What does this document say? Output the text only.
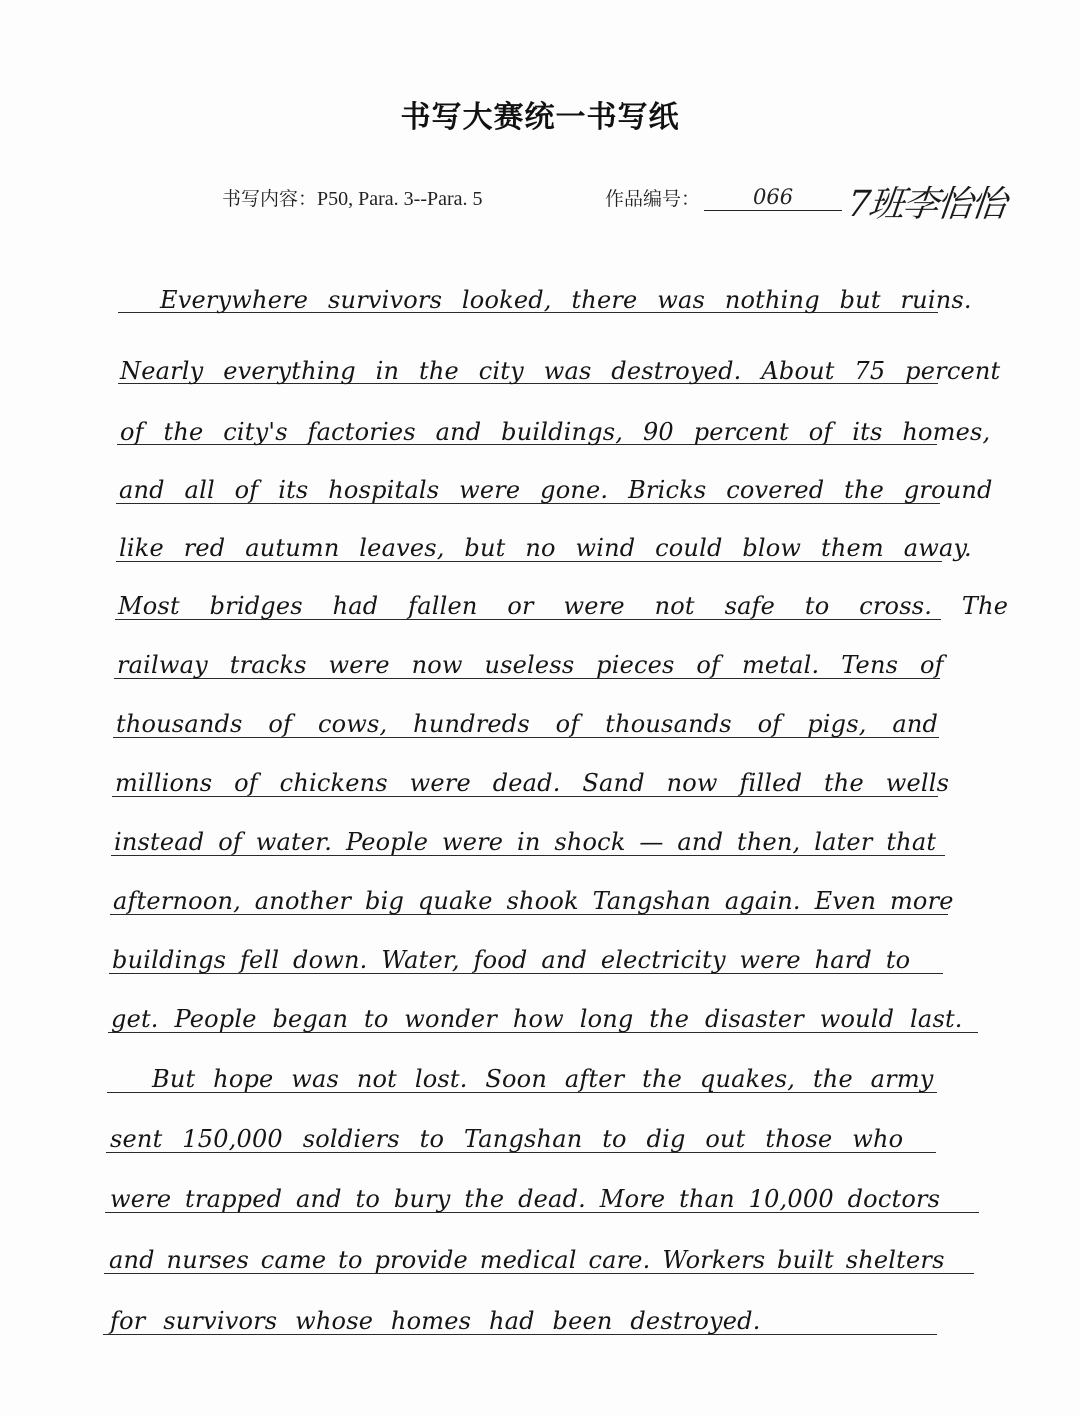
书写大赛统一书写纸
书写内容：P50, Para. 3--Para. 5	作品编号：	066	7班李怡怡
Everywhere survivors looked, there was nothing but ruins.
Nearly everything in the city was destroyed. About 75 percent
of the city's factories and buildings, 90 percent of its homes,
and all of its hospitals were gone. Bricks covered the ground
like red autumn leaves, but no wind could blow them away.
Most bridges had fallen or were not safe to cross. The
railway tracks were now useless pieces of metal. Tens of
thousands of cows, hundreds of thousands of pigs, and
millions of chickens were dead. Sand now filled the wells
instead of water. People were in shock — and then, later that
afternoon, another big quake shook Tangshan again. Even more
buildings fell down. Water, food and electricity were hard to
get. People began to wonder how long the disaster would last.
But hope was not lost. Soon after the quakes, the army
sent 150,000 soldiers to Tangshan to dig out those who
were trapped and to bury the dead. More than 10,000 doctors
and nurses came to provide medical care. Workers built shelters
for survivors whose homes had been destroyed.
